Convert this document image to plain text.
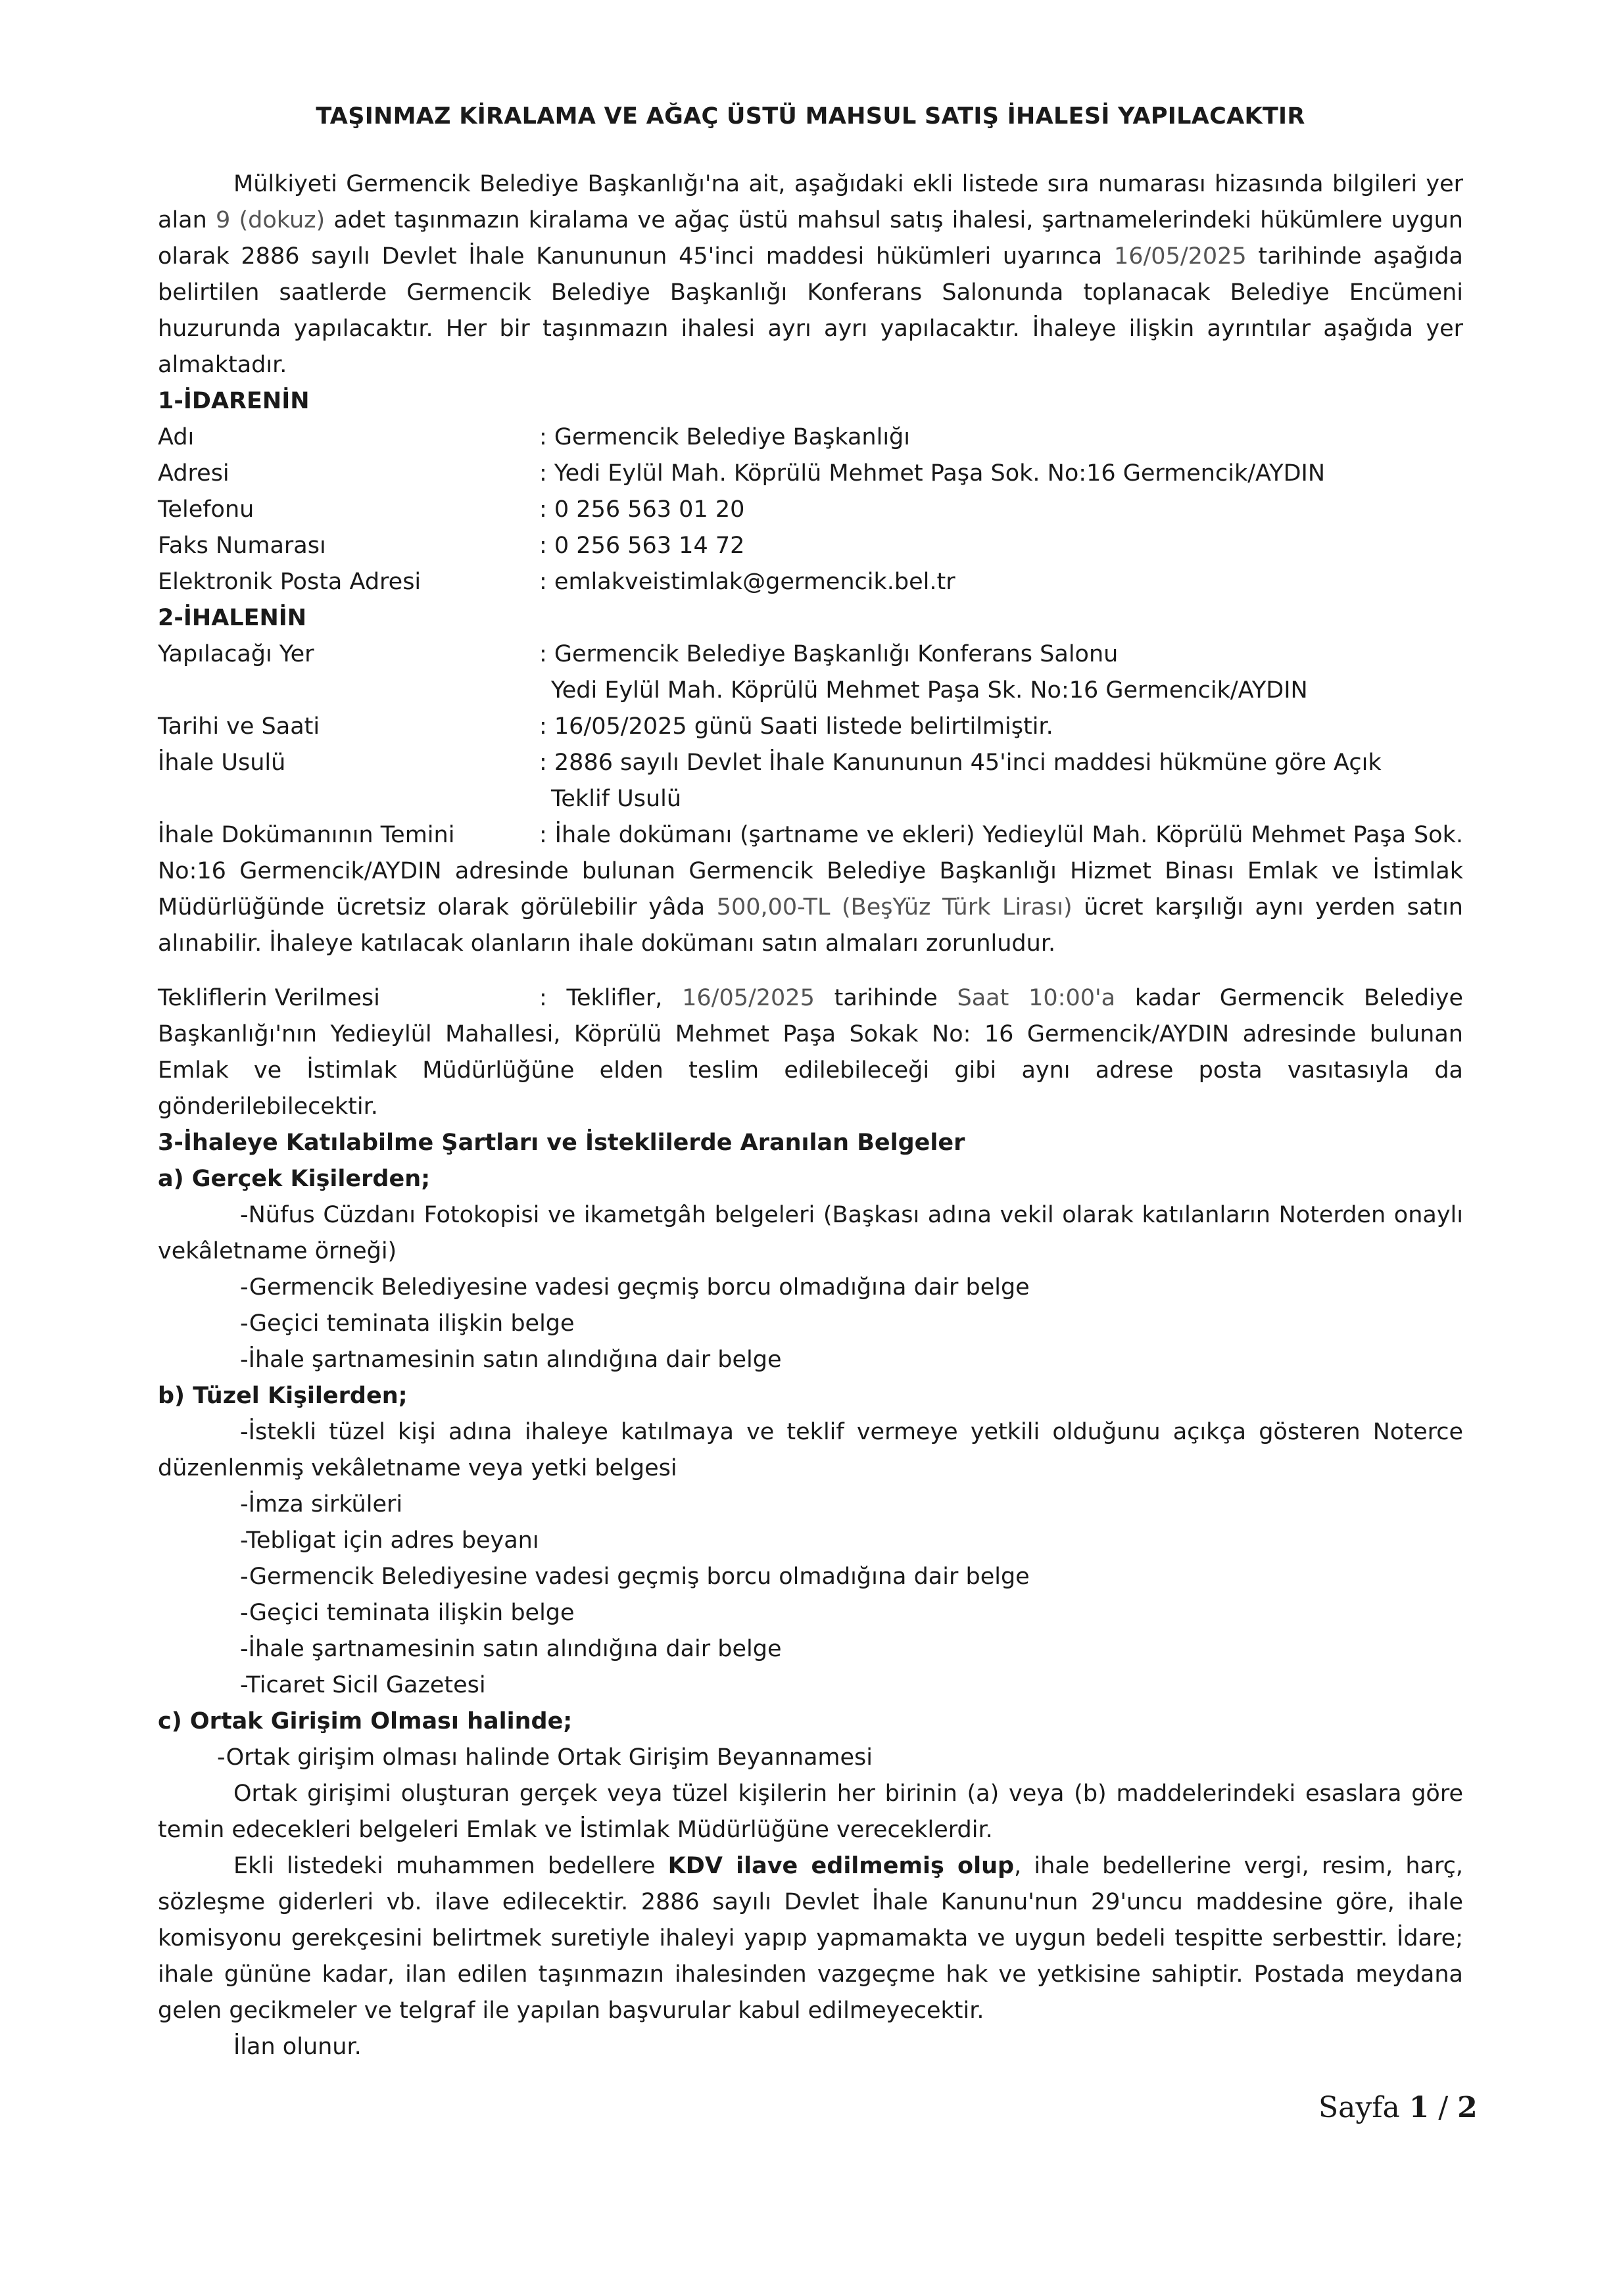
TAŞINMAZ KİRALAMA VE AĞAÇ ÜSTÜ MAHSUL SATIŞ İHALESİ YAPILACAKTIR

Mülkiyeti Germencik Belediye Başkanlığı'na ait, aşağıdaki ekli listede sıra numarası hizasında bilgileri yer alan 9 (dokuz) adet taşınmazın kiralama ve ağaç üstü mahsul satış ihalesi, şartnamelerindeki hükümlere uygun olarak 2886 sayılı Devlet İhale Kanununun 45'inci maddesi hükümleri uyarınca 16/05/2025 tarihinde aşağıda belirtilen saatlerde Germencik Belediye Başkanlığı Konferans Salonunda toplanacak Belediye Encümeni huzurunda yapılacaktır. Her bir taşınmazın ihalesi ayrı ayrı yapılacaktır. İhaleye ilişkin ayrıntılar aşağıda yer almaktadır.

1-İDARENİN

Adı	: Germencik Belediye Başkanlığı
Adresi	: Yedi Eylül Mah. Köprülü Mehmet Paşa Sok. No:16 Germencik/AYDIN
Telefonu	: 0 256 563 01 20
Faks Numarası	: 0 256 563 14 72
Elektronik Posta Adresi	: emlakveistimlak@germencik.bel.tr

2-İHALENİN

Yapılacağı Yer	: Germencik Belediye Başkanlığı Konferans Salonu
Yedi Eylül Mah. Köprülü Mehmet Paşa Sk. No:16 Germencik/AYDIN
Tarihi ve Saati	: 16/05/2025 günü Saati listede belirtilmiştir.
İhale Usulü	: 2886 sayılı Devlet İhale Kanununun 45'inci maddesi hükmüne göre Açık
Teklif Usulü

İhale Dokümanının Temini	: İhale dokümanı (şartname ve ekleri) Yedieylül Mah. Köprülü Mehmet Paşa Sok. No:16 Germencik/AYDIN adresinde bulunan Germencik Belediye Başkanlığı Hizmet Binası Emlak ve İstimlak Müdürlüğünde ücretsiz olarak görülebilir yâda 500,00-TL (BeşYüz Türk Lirası) ücret karşılığı aynı yerden satın alınabilir. İhaleye katılacak olanların ihale dokümanı satın almaları zorunludur.

Tekliflerin Verilmesi	: Teklifler, 16/05/2025 tarihinde Saat 10:00'a kadar Germencik Belediye Başkanlığı'nın Yedieylül Mahallesi, Köprülü Mehmet Paşa Sokak No: 16 Germencik/AYDIN adresinde bulunan Emlak ve İstimlak Müdürlüğüne elden teslim edilebileceği gibi aynı adrese posta vasıtasıyla da gönderilebilecektir.

3-İhaleye Katılabilme Şartları ve İsteklilerde Aranılan Belgeler

a) Gerçek Kişilerden;

-Nüfus Cüzdanı Fotokopisi ve ikametgâh belgeleri (Başkası adına vekil olarak katılanların Noterden onaylı vekâletname örneği)

-Germencik Belediyesine vadesi geçmiş borcu olmadığına dair belge

-Geçici teminata ilişkin belge

-İhale şartnamesinin satın alındığına dair belge

b) Tüzel Kişilerden;

-İstekli tüzel kişi adına ihaleye katılmaya ve teklif vermeye yetkili olduğunu açıkça gösteren Noterce düzenlenmiş vekâletname veya yetki belgesi

-İmza sirküleri

-Tebligat için adres beyanı

-Germencik Belediyesine vadesi geçmiş borcu olmadığına dair belge

-Geçici teminata ilişkin belge

-İhale şartnamesinin satın alındığına dair belge

-Ticaret Sicil Gazetesi

c) Ortak Girişim Olması halinde;

-Ortak girişim olması halinde Ortak Girişim Beyannamesi

Ortak girişimi oluşturan gerçek veya tüzel kişilerin her birinin (a) veya (b) maddelerindeki esaslara göre temin edecekleri belgeleri Emlak ve İstimlak Müdürlüğüne vereceklerdir.

Ekli listedeki muhammen bedellere KDV ilave edilmemiş olup, ihale bedellerine vergi, resim, harç, sözleşme giderleri vb. ilave edilecektir. 2886 sayılı Devlet İhale Kanunu'nun 29'uncu maddesine göre, ihale komisyonu gerekçesini belirtmek suretiyle ihaleyi yapıp yapmamakta ve uygun bedeli tespitte serbesttir. İdare; ihale gününe kadar, ilan edilen taşınmazın ihalesinden vazgeçme hak ve yetkisine sahiptir. Postada meydana gelen gecikmeler ve telgraf ile yapılan başvurular kabul edilmeyecektir.

İlan olunur.

Sayfa 1 / 2
